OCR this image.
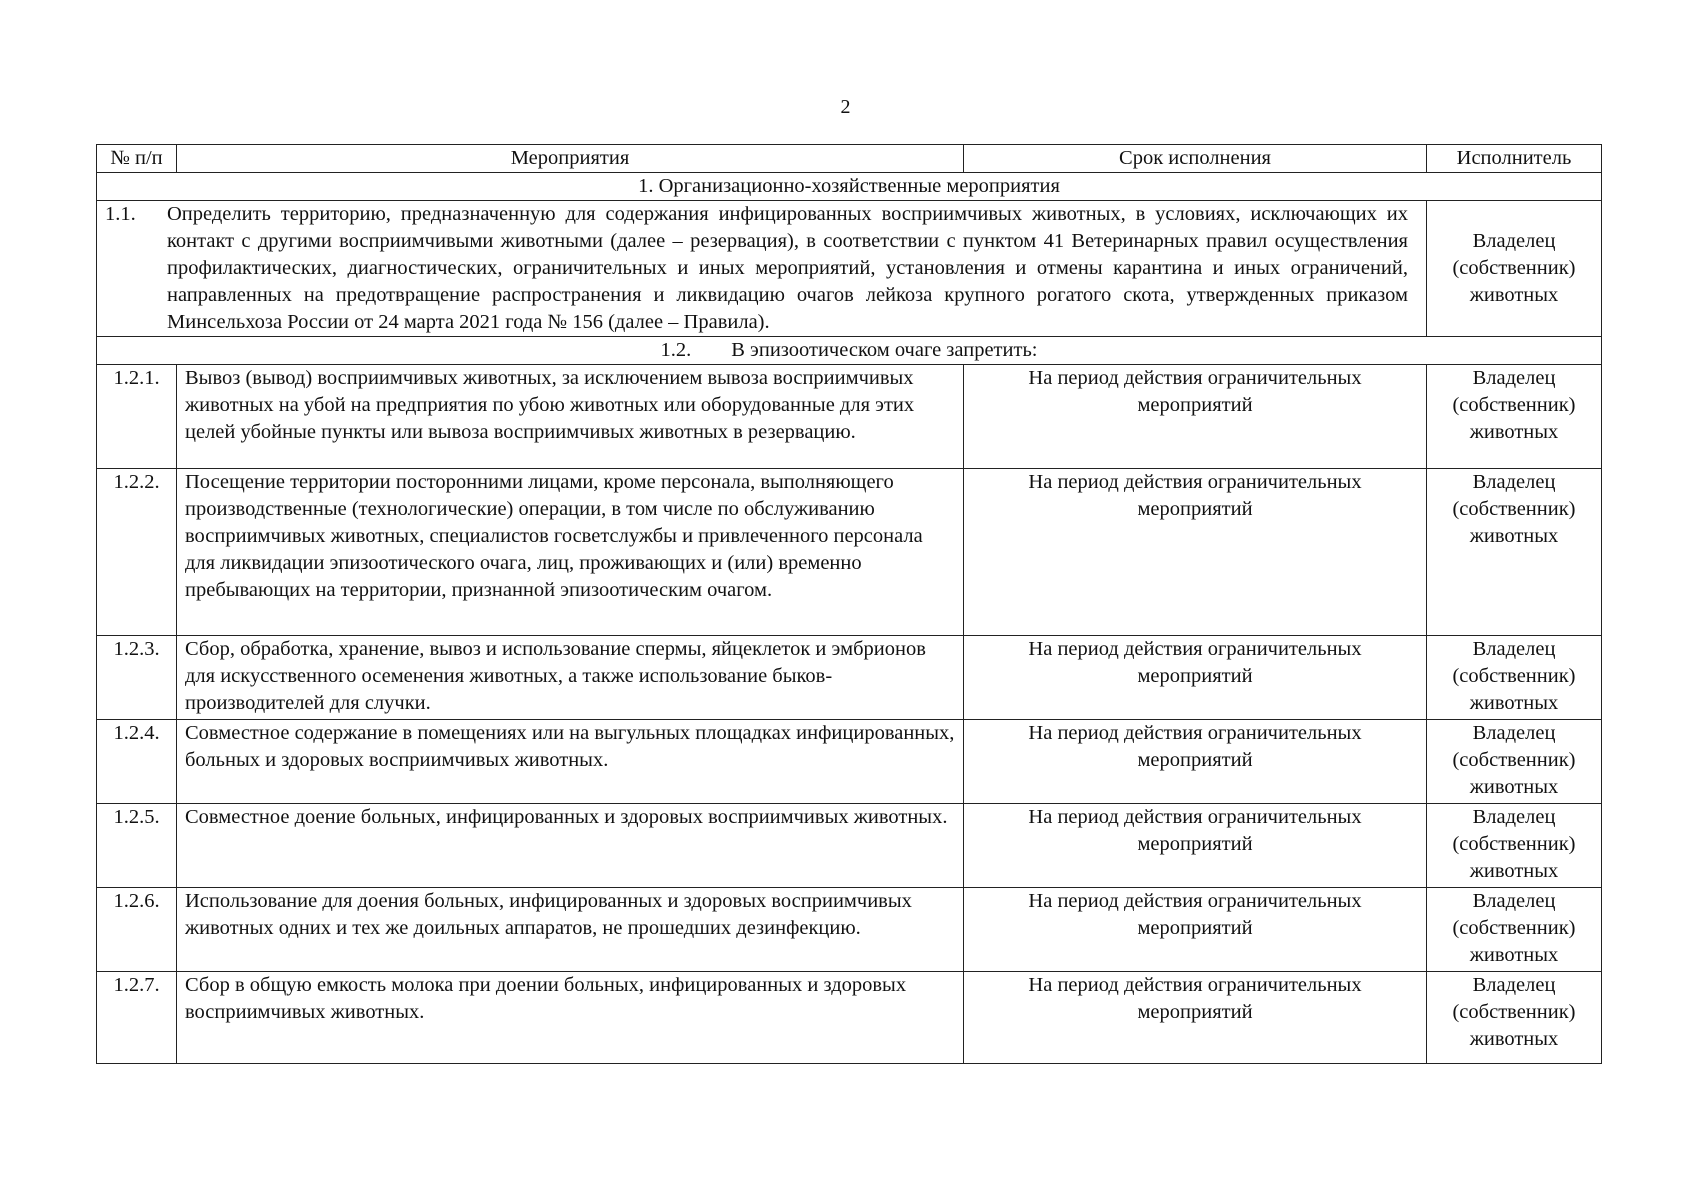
2
№ п/п	Мероприятия	Срок исполнения	Исполнитель
1. Организационно-хозяйственные мероприятия			
1.1. Определить территорию, предназначенную для содержания инфицированных восприимчивых животных, в условиях, исключающих их контакт с другими восприимчивыми животными (далее – резервация), в соответствии с пунктом 41 Ветеринарных правил осуществления профилактических, диагностических, ограничительных и иных мероприятий, установления и отмены карантина и иных ограничений, направленных на предотвращение распространения и ликвидацию очагов лейкоза крупного рогатого скота, утвержденных приказом Минсельхоза России от 24 марта 2021 года № 156 (далее – Правила).			Владелец (собственник) животных
1.2. В эпизоотическом очаге запретить:			
1.2.1.	Вывоз (вывод) восприимчивых животных, за исключением вывоза восприимчивых животных на убой на предприятия по убою животных или оборудованные для этих целей убойные пункты или вывоза восприимчивых животных в резервацию.	На период действия ограничительных мероприятий	Владелец (собственник) животных
1.2.2.	Посещение территории посторонними лицами, кроме персонала, выполняющего производственные (технологические) операции, в том числе по обслуживанию восприимчивых животных, специалистов госветслужбы и привлеченного персонала для ликвидации эпизоотического очага, лиц, проживающих и (или) временно пребывающих на территории, признанной эпизоотическим очагом.	На период действия ограничительных мероприятий	Владелец (собственник) животных
1.2.3.	Сбор, обработка, хранение, вывоз и использование спермы, яйцеклеток и эмбрионов для искусственного осеменения животных, а также использование быков-производителей для случки.	На период действия ограничительных мероприятий	Владелец (собственник) животных
1.2.4.	Совместное содержание в помещениях или на выгульных площадках инфицированных, больных и здоровых восприимчивых животных.	На период действия ограничительных мероприятий	Владелец (собственник) животных
1.2.5.	Совместное доение больных, инфицированных и здоровых восприимчивых животных.	На период действия ограничительных мероприятий	Владелец (собственник) животных
1.2.6.	Использование для доения больных, инфицированных и здоровых восприимчивых животных одних и тех же доильных аппаратов, не прошедших дезинфекцию.	На период действия ограничительных мероприятий	Владелец (собственник) животных
1.2.7.	Сбор в общую емкость молока при доении больных, инфицированных и здоровых восприимчивых животных.	На период действия ограничительных мероприятий	Владелец (собственник) животных
